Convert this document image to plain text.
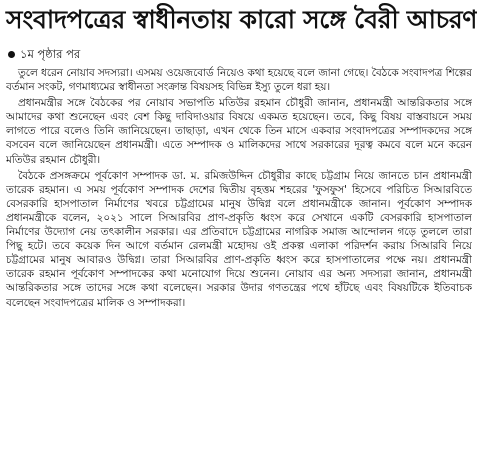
সংবাদপত্রের স্বাধীনতায় কারো সঙ্গে বৈরী আচরণ
১ম পৃষ্ঠার পর

তুলে ধরেন নোয়াব সদস্যরা। এসময় ওয়েজবোর্ড নিয়েও কথা হয়েছে বলে জানা গেছে। বৈঠকে সংবাদপত্র শিল্পের বর্তমান সংকট, গণমাধ্যমের স্বাধীনতা সংক্রান্ত বিষয়সহ বিভিন্ন ইস্যু তুলে ধরা হয়।

প্রধানমন্ত্রীর সঙ্গে বৈঠকের পর নোয়াব সভাপতি মতিউর রহমান চৌধুরী জানান, প্রধানমন্ত্রী আন্তরিকতার সঙ্গে আমাদের কথা শুনেছেন এবং বেশ কিছু দাবিদাওয়ার বিষয়ে একমত হয়েছেন। তবে, কিছু বিষয় বাস্তবায়নে সময় লাগতে পারে বলেও তিনি জানিয়েছেন। তাছাড়া, এখন থেকে তিন মাসে একবার সংবাদপত্রের সম্পাদকদের সঙ্গে বসবেন বলে জানিয়েছেন প্রধানমন্ত্রী। এতে সম্পাদক ও মালিকদের সাথে সরকারের দূরত্ব কমবে বলে মনে করেন মতিউর রহমান চৌধুরী।

বৈঠকে প্রসঙ্গক্রমে পূর্বকোণ সম্পাদক ডা. ম. রমিজউদ্দিন চৌধুরীর কাছে চট্টগ্রাম নিয়ে জানতে চান প্রধানমন্ত্রী তারেক রহমান। এ সময় পূর্বকোণ সম্পাদক দেশের দ্বিতীয় বৃহত্তম শহরের 'ফুসফুস' হিসেবে পরিচিত সিআরবিতে বেসরকারি হাসপাতাল নির্মাণের খবরে চট্টগ্রামের মানুষ উদ্বিগ্ন বলে প্রধানমন্ত্রীকে জানান। পূর্বকোণ সম্পাদক প্রধানমন্ত্রীকে বলেন, ২০২১ সালে সিআরবির প্রাণ-প্রকৃতি ধ্বংস করে সেখানে একটি বেসরকারি হাসপাতাল নির্মাণের উদ্যোগ নেয় তৎকালীন সরকার। এর প্রতিবাদে চট্টগ্রামের নাগরিক সমাজ আন্দোলন গড়ে তুললে তারা পিছু হটে। তবে কয়েক দিন আগে বর্তমান রেলমন্ত্রী মহোদয় ওই প্রকল্প এলাকা পরিদর্শন করায় সিআরবি নিয়ে চট্টগ্রামের মানুষ আবারও উদ্বিগ্ন। তারা সিআরবির প্রাণ-প্রকৃতি ধ্বংস করে হাসপাতালের পক্ষে নয়। প্রধানমন্ত্রী তারেক রহমান পূর্বকোণ সম্পাদকের কথা মনোযোগ দিয়ে শুনেন। নোয়াব এর অন্য সদস্যরা জানান, প্রধানমন্ত্রী আন্তরিকতার সঙ্গে তাদের সঙ্গে কথা বলেছেন। সরকার উদার গণতন্ত্রের পথে হাঁটছে এবং বিষয়টিকে ইতিবাচক বলেছেন সংবাদপত্রের মালিক ও সম্পাদকরা।
